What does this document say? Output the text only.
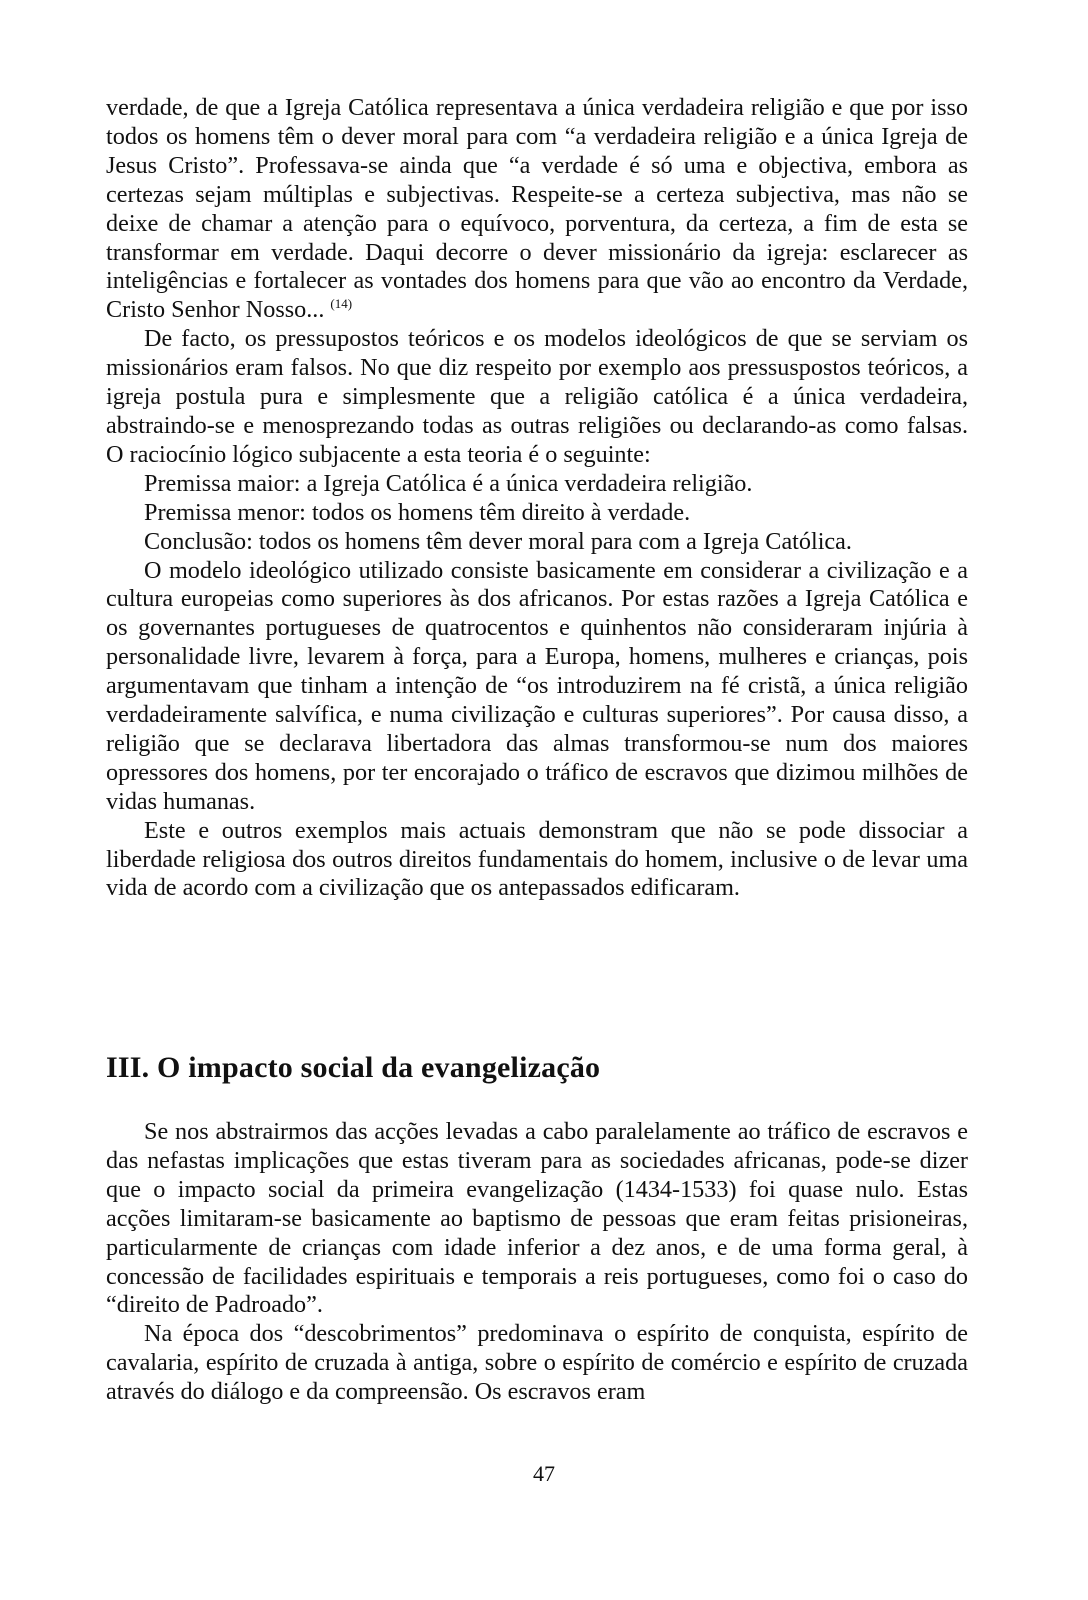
verdade, de que a Igreja Católica representava a única verdadeira religião e que por isso todos os homens têm o dever moral para com “a verdadeira religião e a única Igreja de Jesus Cristo”. Professava-se ainda que “a verdade é só uma e objectiva, embora as certezas sejam múltiplas e subjectivas. Respeite-se a certeza subjectiva, mas não se deixe de chamar a atenção para o equívoco, porventura, da certeza, a fim de esta se transformar em verdade. Daqui decorre o dever missionário da igreja: esclarecer as inteligências e fortalecer as vontades dos homens para que vão ao encontro da Verdade, Cristo Senhor Nosso... $^{(14)}$

De facto, os pressupostos teóricos e os modelos ideológicos de que se serviam os missionários eram falsos. No que diz respeito por exemplo aos pressuspostos teóricos, a igreja postula pura e simplesmente que a religião católica é a única verdadeira, abstraindo-se e menosprezando todas as outras religiões ou declarando-as como falsas. O raciocínio lógico subjacente a esta teoria é o seguinte:

Premissa maior: a Igreja Católica é a única verdadeira religião.

Premissa menor: todos os homens têm direito à verdade.

Conclusão: todos os homens têm dever moral para com a Igreja Católica.

O modelo ideológico utilizado consiste basicamente em considerar a civilização e a cultura europeias como superiores às dos africanos. Por estas razões a Igreja Católica e os governantes portugueses de quatrocentos e quinhentos não consideraram injúria à personalidade livre, levarem à força, para a Europa, homens, mulheres e crianças, pois argumentavam que tinham a intenção de “os introduzirem na fé cristã, a única religião verdadeiramente salvífica, e numa civilização e culturas superiores”. Por causa disso, a religião que se declarava libertadora das almas transformou-se num dos maiores opressores dos homens, por ter encorajado o tráfico de escravos que dizimou milhões de vidas humanas.

Este e outros exemplos mais actuais demonstram que não se pode dissociar a liberdade religiosa dos outros direitos fundamentais do homem, inclusive o de levar uma vida de acordo com a civilização que os antepassados edificaram.

III. O impacto social da evangelização

Se nos abstrairmos das acções levadas a cabo paralelamente ao tráfico de escravos e das nefastas implicações que estas tiveram para as sociedades africanas, pode-se dizer que o impacto social da primeira evangelização (1434-1533) foi quase nulo. Estas acções limitaram-se basicamente ao baptismo de pessoas que eram feitas prisioneiras, particularmente de crianças com idade inferior a dez anos, e de uma forma geral, à concessão de facilidades espirituais e temporais a reis portugueses, como foi o caso do “direito de Padroado”.

Na época dos “descobrimentos” predominava o espírito de conquista, espírito de cavalaria, espírito de cruzada à antiga, sobre o espírito de comércio e espírito de cruzada através do diálogo e da compreensão. Os escravos eram

47
